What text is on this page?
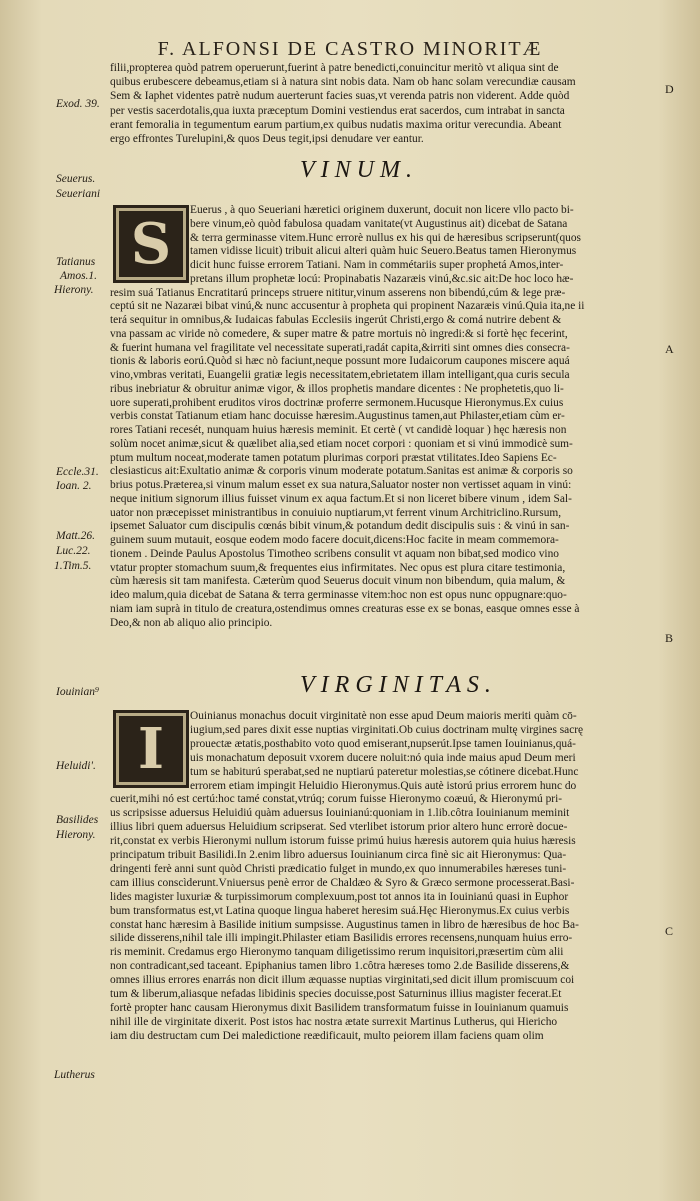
F. ALFONSI DE CASTRO MINORITÆ
filii,propterea quòd patrem operuerunt,fuerint à patre benedicti,conuincitur meritò vt aliqua sint de
quibus erubescere debeamus,etiam si à natura sint nobis data. Nam ob hanc solam verecundiæ causam
Sem & Iaphet videntes patrè nudum auerterunt facies suas,vt verenda patris non viderent. Adde quòd
per vestis sacerdotalis,qua iuxta præceptum Domini vestiendus erat sacerdos, cum intrabat in sancta
erant femoralia in tegumentum earum partium,ex quibus nudatis maxima oritur verecundia. Abeant
ergo effrontes Turelupini,& quos Deus tegit,ipsi denudare ver eantur.
VINUM.
S
Euerus , à quo Seueriani hæretici originem duxerunt, docuit non licere vllo pacto bi-
bere vinum,eò quòd fabulosa quadam vanitate(vt Augustinus ait) dicebat de Satana
& terra germinasse vitem.Hunc errorè nullus ex his qui de hæresibus scripserunt(quos
tamen vidisse licuit) tribuit alicui alteri quàm huic Seuero.Beatus tamen Hieronymus
dicit hunc fuisse errorem Tatiani. Nam in commétariis super prophetá Amos,inter-
pretans illum prophetæ locú: Propinabatis Nazaræis vinú,&c.sic ait:De hoc loco hæ-
resim suá Tatianus Encratitarú princeps struere nititur,vinum asserens non bibendú,cúm & lege præ-
ceptú sit ne Nazaræi bibat vinú,& nunc accusentur à propheta qui propinent Nazaræis vinú.Quia ita,ne ii
terá sequitur in omnibus,& Iudaicas fabulas Ecclesiis ingerút Christi,ergo & comá nutrire debent &
vna passam ac viride nò comedere, & super matre & patre mortuis nò ingredi:& si fortè hęc fecerint,
& fuerint humana vel fragilitate vel necessitate superati,radát capita,&irriti sint omnes dies consecra-
tionis & laboris eorú.Quòd si hæc nò faciunt,neque possunt more Iudaicorum caupones miscere aquá
vino,vmbras veritati, Euangelii gratiæ legis necessitatem,ebrietatem illam intelligant,qua curis secula
ribus inebriatur & obruitur animæ vigor, & illos prophetis mandare dicentes : Ne prophetetis,quo li-
uore superati,prohibent eruditos viros doctrinæ proferre sermonem.Hucusque Hieronymus.Ex cuius
verbis constat Tatianum etiam hanc docuisse hæresim.Augustinus tamen,aut Philaster,etiam cùm er-
rores Tatiani recesét, nunquam huius hæresis meminit. Et certè ( vt candidè loquar ) hęc hæresis non
solùm nocet animæ,sicut & quælibet alia,sed etiam nocet corpori : quoniam et si vinú immodicè sum-
ptum multum noceat,moderate tamen potatum plurimas corpori præstat vtilitates.Ideo Sapiens Ec-
clesiasticus ait:Exultatio animæ & corporis vinum moderate potatum.Sanitas est animæ & corporis so
brius potus.Præterea,si vinum malum esset ex sua natura,Saluator noster non vertisset aquam in vinú:
neque initium signorum illius fuisset vinum ex aqua factum.Et si non liceret bibere vinum , idem Sal-
uator non præcepisset ministrantibus in conuiuio nuptiarum,vt ferrent vinum Architriclino.Rursum,
ipsemet Saluator cum discipulis cœnás bibit vinum,& potandum dedit discipulis suis : & vinú in san-
guinem suum mutauit, eosque eodem modo facere docuit,dicens:Hoc facite in meam commemora-
tionem . Deinde Paulus Apostolus Timotheo scribens consulit vt aquam non bibat,sed modico vino
vtatur propter stomachum suum,& frequentes eius infirmitates. Nec opus est plura citare testimonia,
cùm hæresis sit tam manifesta. Cæterùm quod Seuerus docuit vinum non bibendum, quia malum, &
ideo malum,quia dicebat de Satana & terra germinasse vitem:hoc non est opus nunc oppugnare:quo-
niam iam suprà in titulo de creatura,ostendimus omnes creaturas esse ex se bonas, easque omnes esse à
Deo,& non ab aliquo alio principio.
VIRGINITAS.
I	Ouinianus monachus docuit virginitatè non esse apud Deum maioris meriti quàm cō-
iugium,sed pares dixit esse nuptias virginitati.Ob cuius doctrinam multę virgines sacrę
prouectæ ætatis,posthabito voto quod emiserant,nupserút.Ipse tamen Iouinianus,quá-
uis monachatum deposuit vxorem ducere noluit:nó quia inde maius apud Deum meri
tum se habiturú sperabat,sed ne nuptiarú pateretur molestias,se cótinere dicebat.Hunc
errorem etiam impingit Heluidio Hieronymus.Quis autè istorú prius errorem hunc do
cuerit,mihi nó est certú:hoc tamé constat,vtrúq; corum fuisse Hieronymo coæuú, & Hieronymú pri-
us scripsisse aduersus Heluidiú quàm aduersus Iouinianú:quoniam in 1.lib.côtra Iouinianum meminit
illius libri quem aduersus Heluidium scripserat. Sed vterlibet istorum prior altero hunc errorè docue-
rit,constat ex verbis Hieronymi nullum istorum fuisse primú huius hæresis autorem quia huius hæresis
principatum tribuit Basilidi.In 2.enim libro aduersus Iouinianum circa finè sic ait Hieronymus: Qua-
dringenti ferè anni sunt quòd Christi prædicatio fulget in mundo,ex quo innumerabiles hæreses tuni-
cam illius conscìderunt.Vniuersus penè error de Chaldæo & Syro & Græco sermone processerat.Basi-
lides magister luxuriæ & turpissimorum complexuum,post tot annos ita in Iouinianú quasi in Euphor
bum transformatus est,vt Latina quoque lingua haberet heresim suá.Hęc Hieronymus.Ex cuius verbis
constat hanc hæresim à Basilide initium sumpsisse. Augustinus tamen in libro de hæresibus de hoc Ba-
silide disserens,nihil tale illi impingit.Philaster etiam Basilidis errores recensens,nunquam huius erro-
ris meminit. Credamus ergo Hieronymo tanquam diligetissimo rerum inquisitori,præsertim cùm alii
non contradicant,sed taceant. Epiphanius tamen libro 1.côtra hæreses tomo 2.de Basilide disserens,&
omnes illius errores enarrás non dicit illum æquasse nuptias virginitati,sed dicit illum promiscuum coi
tum & liberum,aliasque nefadas libidinis species docuisse,post Saturninus illius magister fecerat.Et
fortè propter hanc causam Hieronymus dixit Basilidem transformatum fuisse in Iouinianum quamuis
nihil ille de virginitate dixerit. Post istos hac nostra ætate surrexit Martinus Lutherus, qui Hiericho
iam diu destructam cum Dei maledictione reædificauit, multo peiorem illam faciens quam olim
Exod. 39.
Seuerus.
Seueriani
Tatianus
Amos.1.
Hierony.
Eccle.31.
Ioan. 2.
Matt.26.
Luc.22.
1.Tim.5.
Iouinian⁹
Heluidi'.
Basilides
Hierony.
Lutherus
D
A
B
C
